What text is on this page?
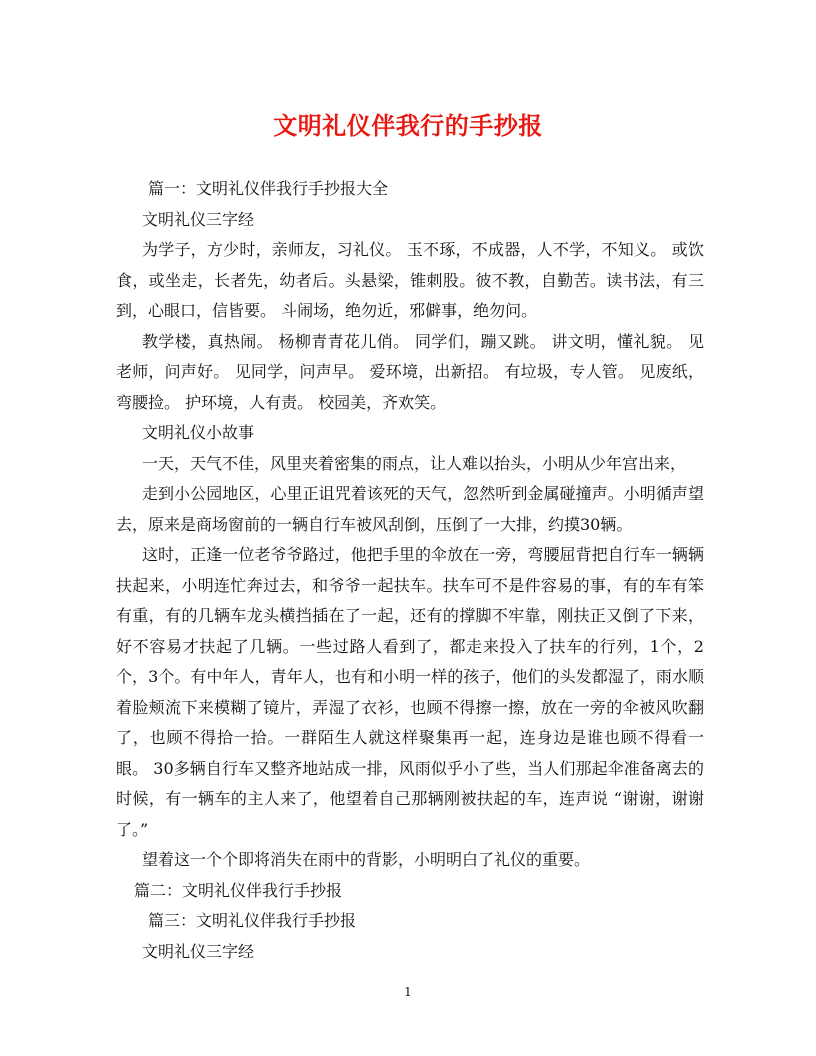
文明礼仪伴我行的手抄报

篇一：文明礼仪伴我行手抄报大全

文明礼仪三字经

为学子，方少时，亲师友，习礼仪。 玉不琢，不成器，人不学，不知义。 或饮食，或坐走，长者先，幼者后。头悬梁，锥刺股。彼不教，自勤苦。读书法，有三到，心眼口，信皆要。 斗闹场，绝勿近，邪僻事，绝勿问。

教学楼，真热闹。 杨柳青青花儿俏。 同学们，蹦又跳。 讲文明，懂礼貌。 见老师，问声好。 见同学，问声早。 爱环境，出新招。 有垃圾，专人管。 见废纸，弯腰捡。 护环境，人有责。 校园美，齐欢笑。

文明礼仪小故事

一天，天气不佳，风里夹着密集的雨点，让人难以抬头，小明从少年宫出来，

走到小公园地区，心里正诅咒着该死的天气，忽然听到金属碰撞声。小明循声望去，原来是商场窗前的一辆自行车被风刮倒，压倒了一大排，约摸30辆。

这时，正逢一位老爷爷路过，他把手里的伞放在一旁，弯腰屈背把自行车一辆辆扶起来，小明连忙奔过去，和爷爷一起扶车。扶车可不是件容易的事，有的车有笨有重，有的几辆车龙头横挡插在了一起，还有的撑脚不牢靠，刚扶正又倒了下来，好不容易才扶起了几辆。一些过路人看到了，都走来投入了扶车的行列，1个，2个，3个。有中年人，青年人，也有和小明一样的孩子，他们的头发都湿了，雨水顺着脸颊流下来模糊了镜片，弄湿了衣衫，也顾不得擦一擦，放在一旁的伞被风吹翻了，也顾不得拾一拾。一群陌生人就这样聚集再一起，连身边是谁也顾不得看一眼。 30多辆自行车又整齐地站成一排，风雨似乎小了些，当人们那起伞准备离去的时候，有一辆车的主人来了，他望着自己那辆刚被扶起的车，连声说 “谢谢，谢谢了。”

望着这一个个即将消失在雨中的背影，小明明白了礼仪的重要。

篇二：文明礼仪伴我行手抄报

篇三：文明礼仪伴我行手抄报

文明礼仪三字经

1
